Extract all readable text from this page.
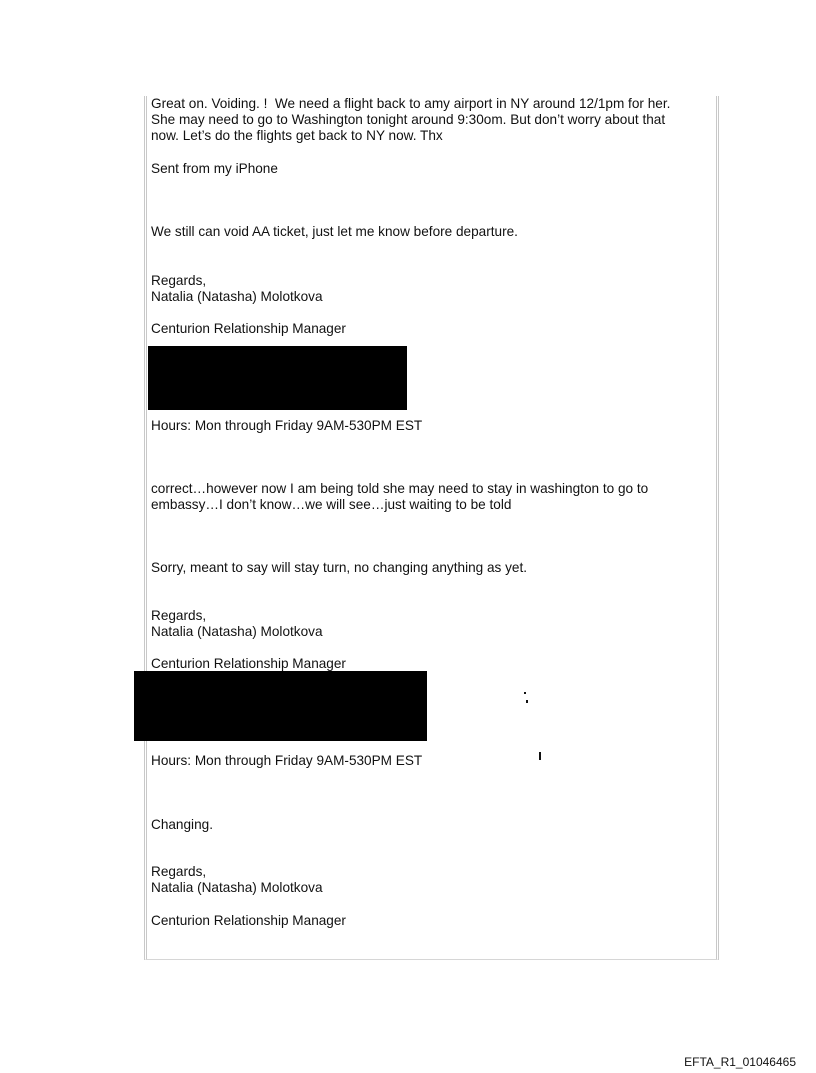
Great on. Voiding. !  We need a flight back to amy airport in NY around 12/1pm for her.

She may need to go to Washington tonight around 9:30om. But don’t worry about that

now. Let’s do the flights get back to NY now. Thx

Sent from my iPhone

We still can void AA ticket, just let me know before departure.

Regards,

Natalia (Natasha) Molotkova

Centurion Relationship Manager

Hours: Mon through Friday 9AM-530PM EST

correct…however now I am being told she may need to stay in washington to go to

embassy…I don’t know…we will see…just waiting to be told

Sorry, meant to say will stay turn, no changing anything as yet.

Regards,

Natalia (Natasha) Molotkova

Centurion Relationship Manager

Hours: Mon through Friday 9AM-530PM EST

Changing.

Regards,

Natalia (Natasha) Molotkova

Centurion Relationship Manager

EFTA_R1_01046465
